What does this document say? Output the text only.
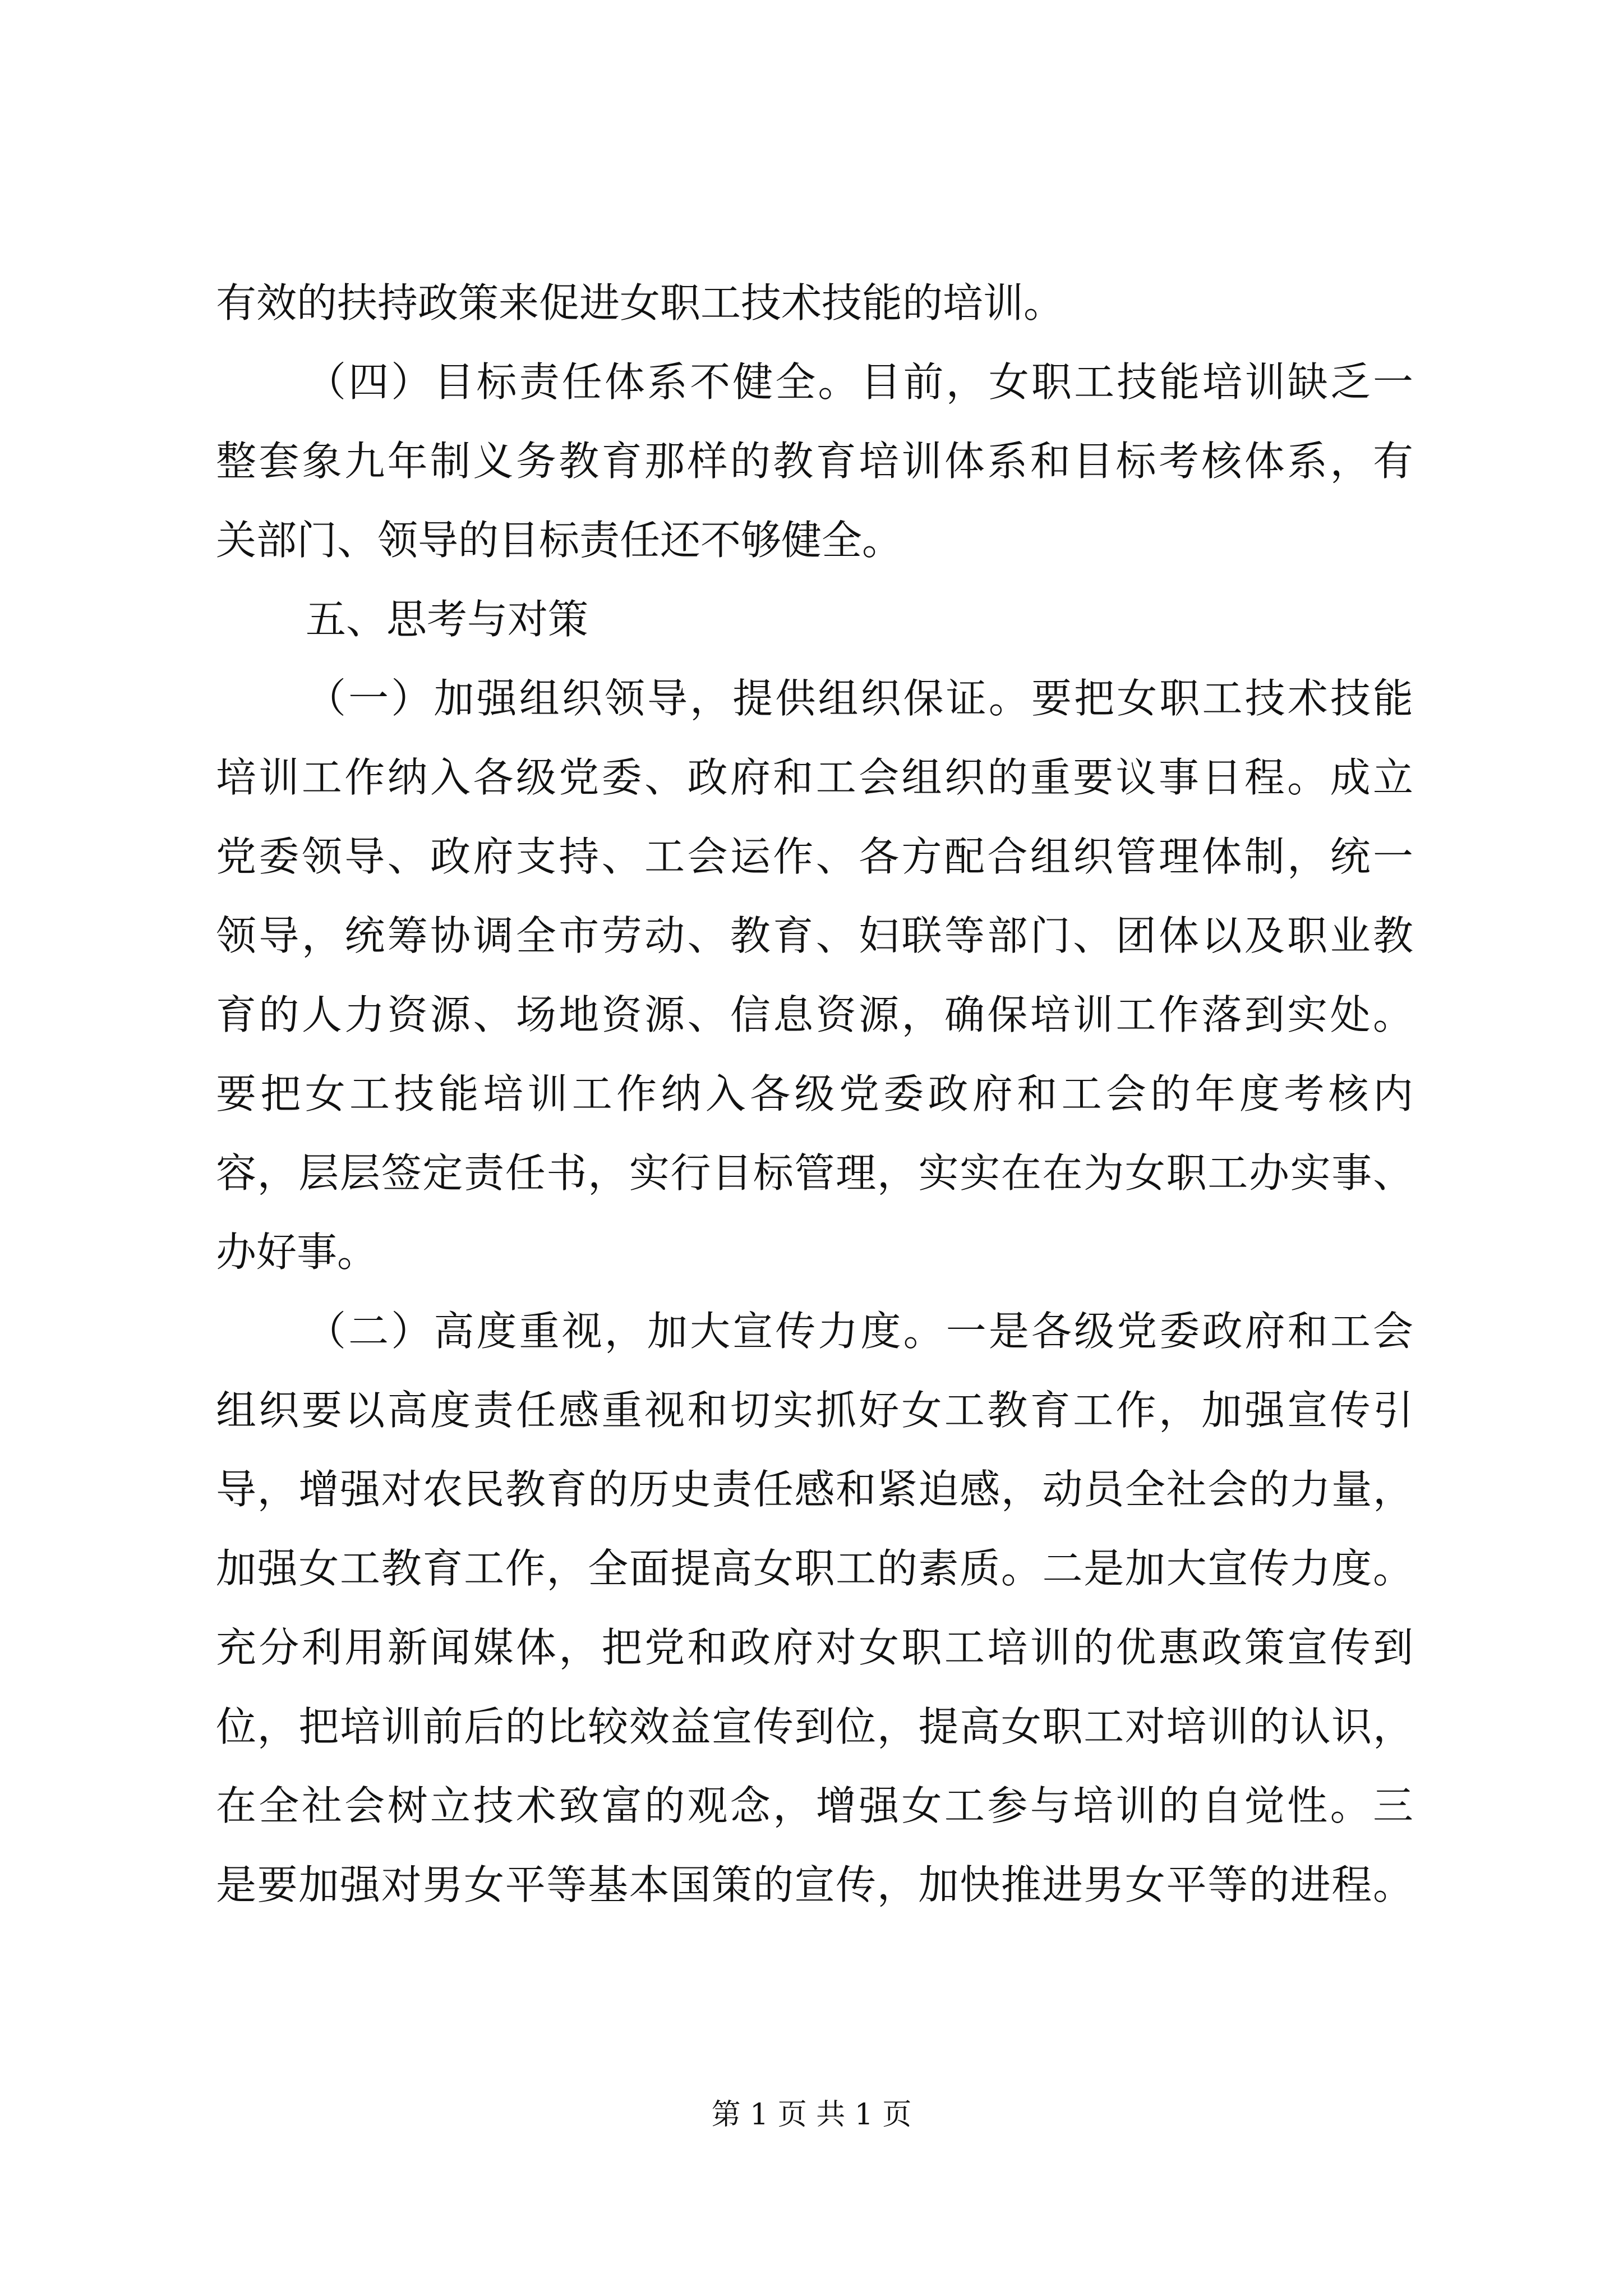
有效的扶持政策来促进女职工技术技能的培训。
（四）目标责任体系不健全。目前，女职工技能培训缺乏一
整套象九年制义务教育那样的教育培训体系和目标考核体系，有
关部门、领导的目标责任还不够健全。
五、思考与对策
（一）加强组织领导，提供组织保证。要把女职工技术技能
培训工作纳入各级党委、政府和工会组织的重要议事日程。成立
党委领导、政府支持、工会运作、各方配合组织管理体制，统一
领导，统筹协调全市劳动、教育、妇联等部门、团体以及职业教
育的人力资源、场地资源、信息资源，确保培训工作落到实处。
要把女工技能培训工作纳入各级党委政府和工会的年度考核内
容，层层签定责任书，实行目标管理，实实在在为女职工办实事、
办好事。
（二）高度重视，加大宣传力度。一是各级党委政府和工会
组织要以高度责任感重视和切实抓好女工教育工作，加强宣传引
导，增强对农民教育的历史责任感和紧迫感，动员全社会的力量，
加强女工教育工作，全面提高女职工的素质。二是加大宣传力度。
充分利用新闻媒体，把党和政府对女职工培训的优惠政策宣传到
位，把培训前后的比较效益宣传到位，提高女职工对培训的认识，
在全社会树立技术致富的观念，增强女工参与培训的自觉性。三
是要加强对男女平等基本国策的宣传，加快推进男女平等的进程。
第 1 页 共 1 页
